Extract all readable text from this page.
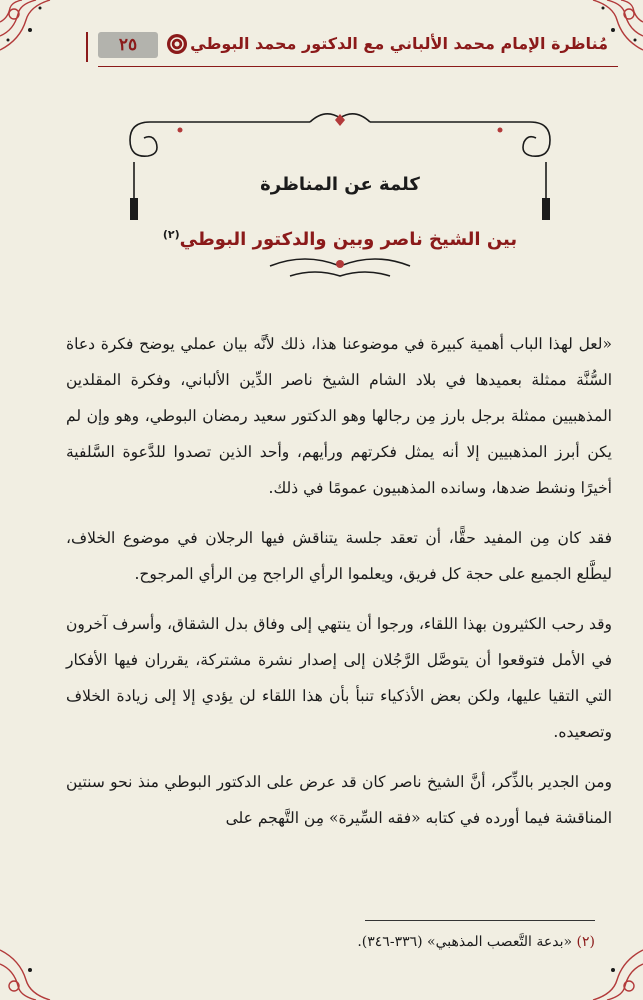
مُناظرة الإمام محمد الألباني مع الدكتور محمد البوطي
٢٥
كلمة عن المناظرة
بين الشيخ ناصر وبين والدكتور البوطي$^{(٢)}$

«لعل لهذا الباب أهمية كبيرة في موضوعنا هذا، ذلك لأنَّه بيان عملي يوضح فكرة دعاة السُّنَّة ممثلة بعميدها في بلاد الشام الشيخ ناصر الدِّين الألباني، وفكرة المقلدين المذهبيين ممثلة برجل بارز مِن رجالها وهو الدكتور سعيد رمضان البوطي، وهو وإن لم يكن أبرز المذهبيين إلا أنه يمثل فكرتهم ورأيهم، وأحد الذين تصدوا للدَّعوة السَّلفية أخيرًا ونشط ضدها، وسانده المذهبيون عمومًا في ذلك.

فقد كان مِن المفيد حقًّا، أن تعقد جلسة يتناقش فيها الرجلان في موضوع الخلاف، ليطَّلع الجميع على حجة كل فريق، ويعلموا الرأي الراجح مِن الرأي المرجوح.

وقد رحب الكثيرون بهذا اللقاء، ورجوا أن ينتهي إلى وفاق بدل الشقاق، وأسرف آخرون في الأمل فتوقعوا أن يتوصَّل الرَّجُلان إلى إصدار نشرة مشتركة، يقرران فيها الأفكار التي التقيا عليها، ولكن بعض الأذكياء تنبأ بأن هذا اللقاء لن يؤدي إلا إلى زيادة الخلاف وتصعيده.

ومن الجدير بالذِّكر، أنَّ الشيخ ناصر كان قد عرض على الدكتور البوطي منذ نحو سنتين المناقشة فيما أورده في كتابه «فقه السِّيرة» مِن التَّهجم على

(٢) «بدعة التَّعصب المذهبي» (٣٣٦-٣٤٦).
